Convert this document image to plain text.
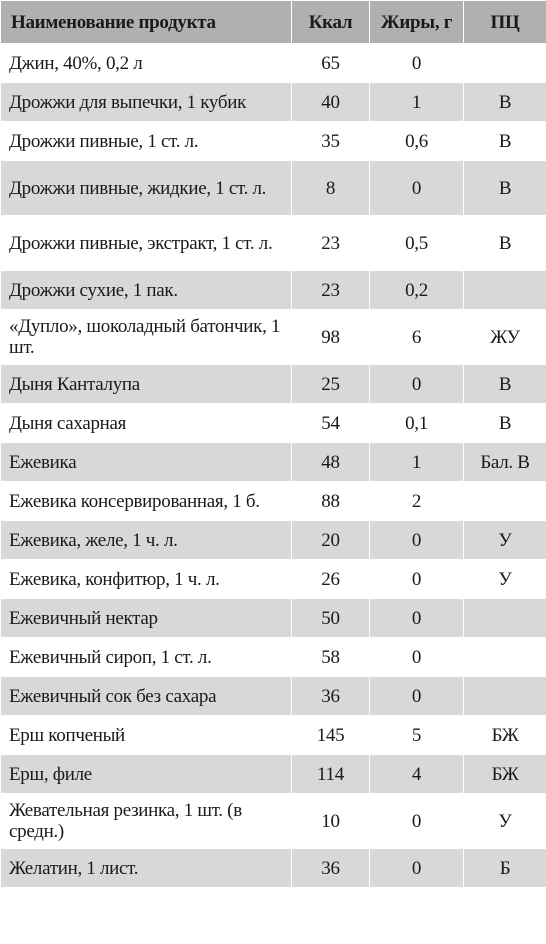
Наименование продукта	Ккал	Жиры, г	ПЦ
Джин, 40%, 0,2 л	65	0	
Дрожжи для выпечки, 1 кубик	40	1	В
Дрожжи пивные, 1 ст. л.	35	0,6	В
Дрожжи пивные, жидкие, 1 ст. л.	8	0	В
Дрожжи пивные, экстракт, 1 ст. л.	23	0,5	В
Дрожжи сухие, 1 пак.	23	0,2	
«Дупло», шоколадный батончик, 1 шт.	98	6	ЖУ
Дыня Канталупа	25	0	В
Дыня сахарная	54	0,1	В
Ежевика	48	1	Бал. В
Ежевика консервированная, 1 б.	88	2	
Ежевика, желе, 1 ч. л.	20	0	У
Ежевика, конфитюр, 1 ч. л.	26	0	У
Ежевичный нектар	50	0	
Ежевичный сироп, 1 ст. л.	58	0	
Ежевичный сок без сахара	36	0	
Ерш копченый	145	5	БЖ
Ерш, филе	114	4	БЖ
Жевательная резинка, 1 шт. (в средн.)	10	0	У
Желатин, 1 лист.	36	0	Б
